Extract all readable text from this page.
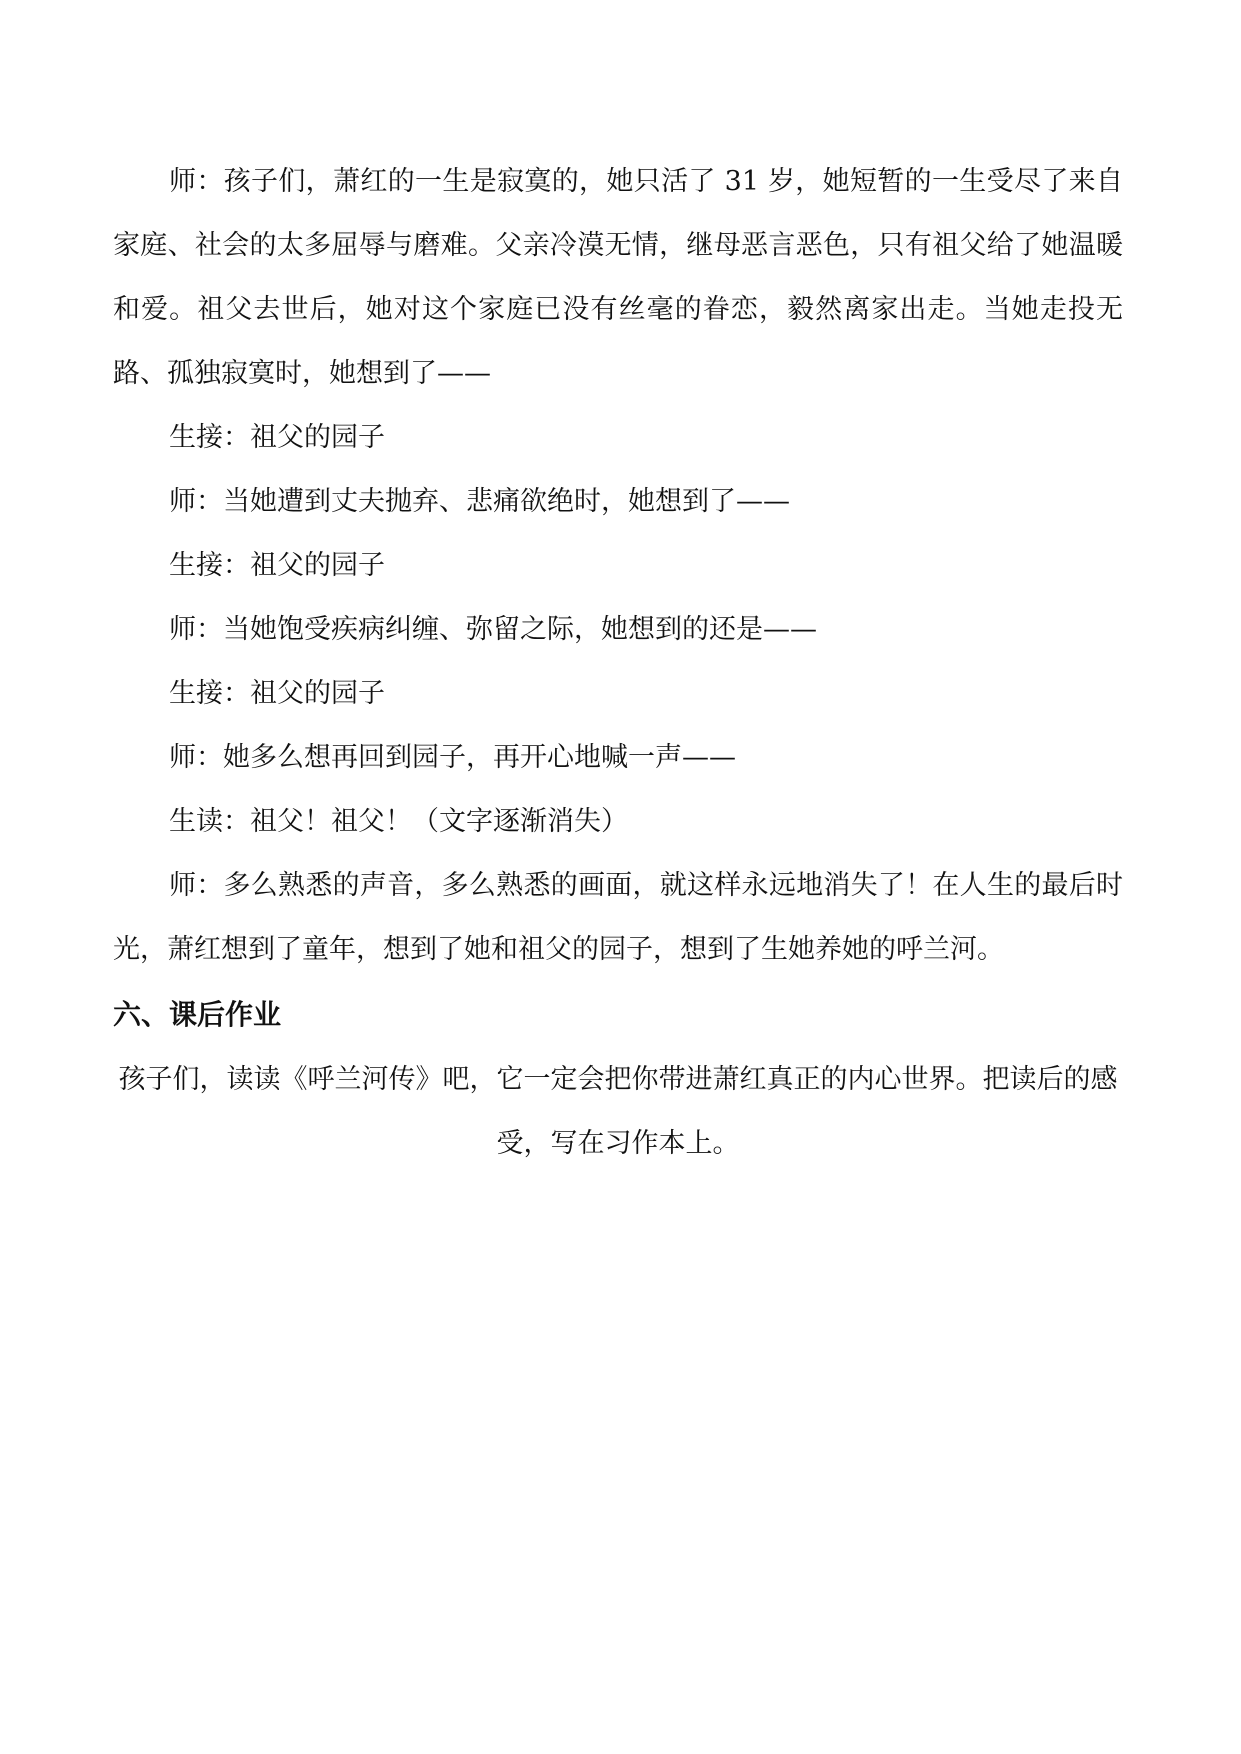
师：孩子们，萧红的一生是寂寞的，她只活了 31 岁，她短暂的一生受尽了来自家庭、社会的太多屈辱与磨难。父亲冷漠无情，继母恶言恶色，只有祖父给了她温暖和爱。祖父去世后，她对这个家庭已没有丝毫的眷恋，毅然离家出走。当她走投无路、孤独寂寞时，她想到了——

生接：祖父的园子

师：当她遭到丈夫抛弃、悲痛欲绝时，她想到了——

生接：祖父的园子

师：当她饱受疾病纠缠、弥留之际，她想到的还是——

生接：祖父的园子

师：她多么想再回到园子，再开心地喊一声——

生读：祖父！祖父！（文字逐渐消失）

师：多么熟悉的声音，多么熟悉的画面，就这样永远地消失了！在人生的最后时光，萧红想到了童年，想到了她和祖父的园子，想到了生她养她的呼兰河。

六、课后作业

孩子们，读读《呼兰河传》吧，它一定会把你带进萧红真正的内心世界。把读后的感受，写在习作本上。
